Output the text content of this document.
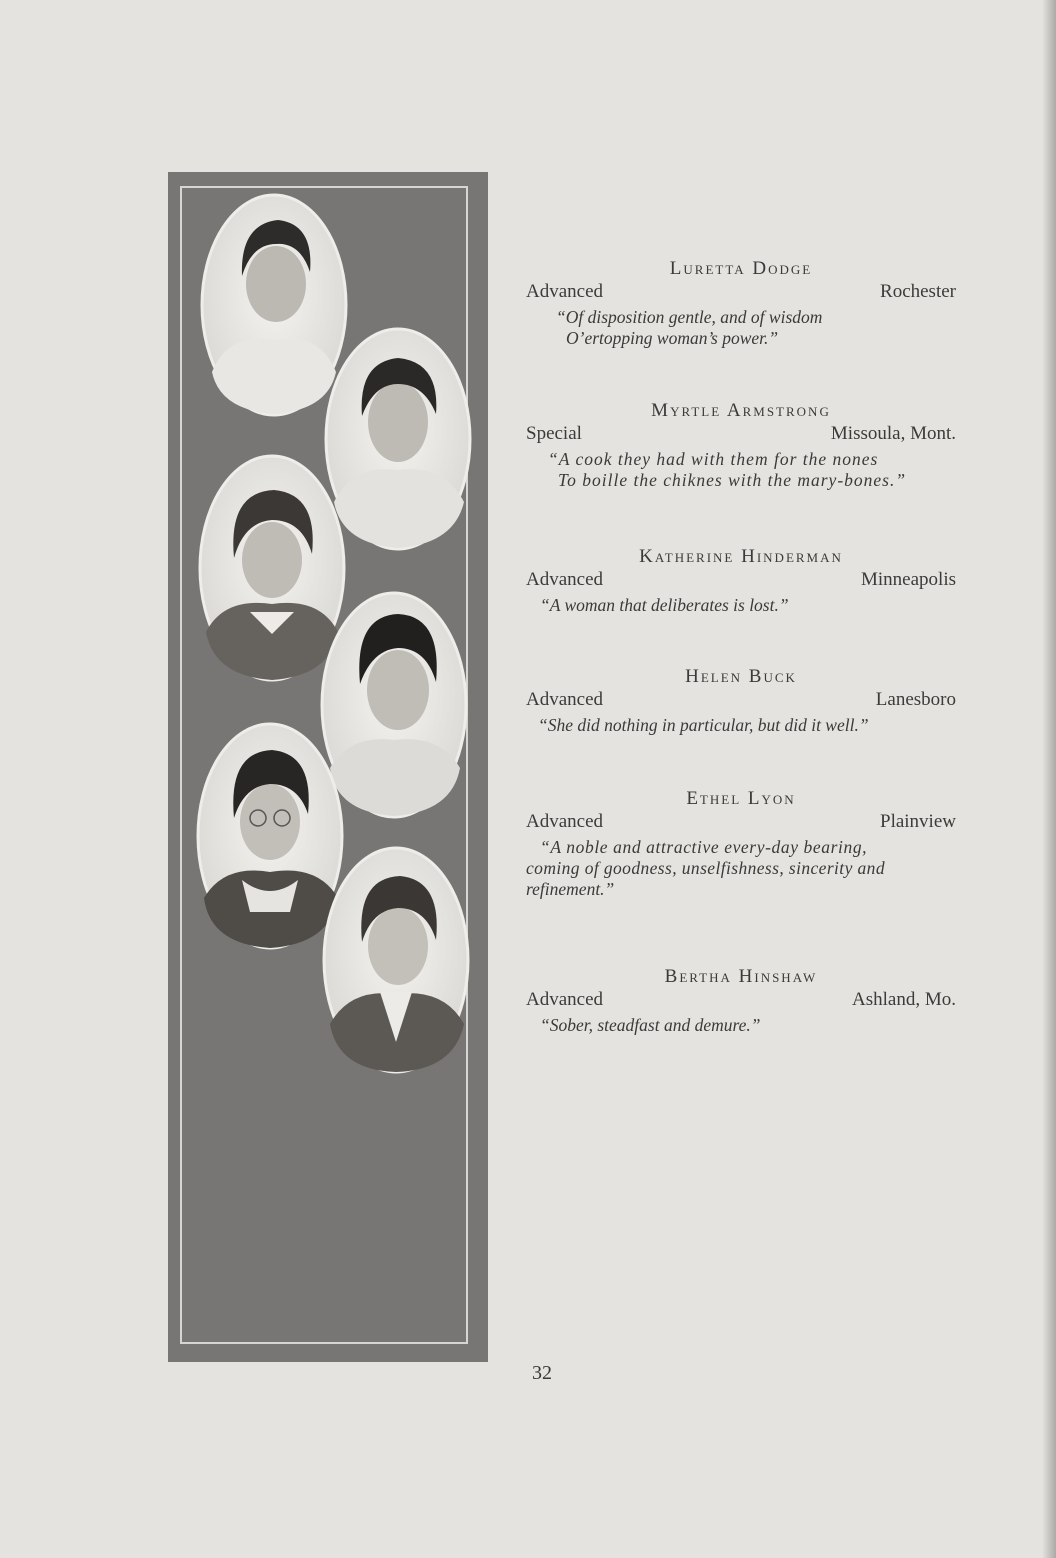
Luretta Dodge
Advanced	Rochester
“Of disposition gentle, and of wisdom
O’ertopping woman’s power.”
Myrtle Armstrong
Special	Missoula, Mont.
“A cook they had with them for the nones
To boille the chiknes with the mary-bones.”
Katherine Hinderman
Advanced	Minneapolis
“A woman that deliberates is lost.”
Helen Buck
Advanced	Lanesboro
“She did nothing in particular, but did it well.”
Ethel Lyon
Advanced	Plainview
“A noble and attractive every-day bearing,
coming of goodness, unselfishness, sincerity and
refinement.”
Bertha Hinshaw
Advanced	Ashland, Mo.
“Sober, steadfast and demure.”
32
